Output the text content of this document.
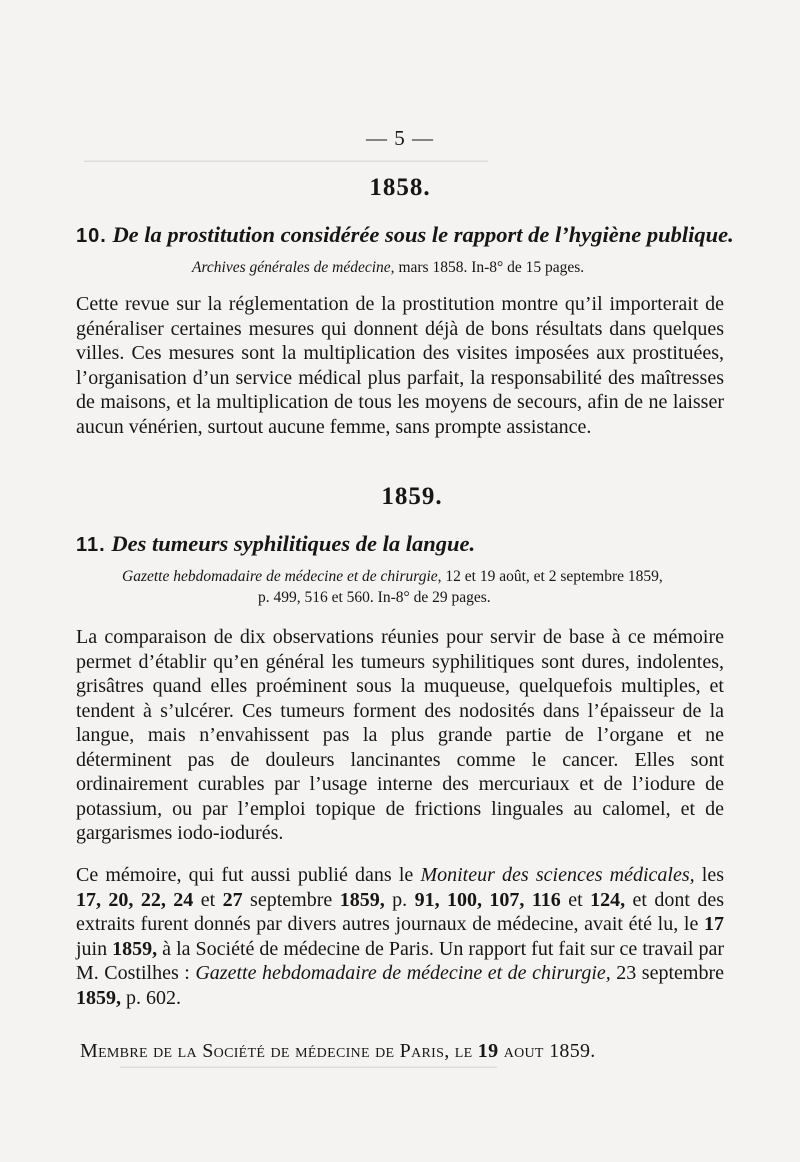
──────────────────────────────
────────────────────────────
— 5 —
1858.
10. De la prostitution considérée sous le rapport de l’hygiène publique.
Archives générales de médecine, mars 1858. In-8° de 15 pages.

Cette revue sur la réglementation de la prostitution montre qu’il importerait de généraliser certaines mesures qui donnent déjà de bons résultats dans quelques villes. Ces mesures sont la multiplication des visites imposées aux prostituées, l’organisation d’un service médical plus parfait, la responsabilité des maîtresses de maisons, et la multiplication de tous les moyens de secours, afin de ne laisser aucun vénérien, surtout aucune femme, sans prompte assistance.

1859.
11. Des tumeurs syphilitiques de la langue.
Gazette hebdomadaire de médecine et de chirurgie, 12 et 19 août, et 2 septembre 1859,
p. 499, 516 et 560. In-8° de 29 pages.

La comparaison de dix observations réunies pour servir de base à ce mémoire permet d’établir qu’en général les tumeurs syphilitiques sont dures, indolentes, grisâtres quand elles proéminent sous la muqueuse, quelquefois multiples, et tendent à s’ulcérer. Ces tumeurs forment des nodosités dans l’épaisseur de la langue, mais n’envahissent pas la plus grande partie de l’organe et ne déterminent pas de douleurs lancinantes comme le cancer. Elles sont ordinairement curables par l’usage interne des mercuriaux et de l’iodure de potassium, ou par l’emploi topique de frictions linguales au calomel, et de gargarismes iodo-iodurés.

Ce mémoire, qui fut aussi publié dans le Moniteur des sciences médicales, les 17, 20, 22, 24 et 27 septembre 1859, p. 91, 100, 107, 116 et 124, et dont des extraits furent donnés par divers autres journaux de médecine, avait été lu, le 17 juin 1859, à la Société de médecine de Paris. Un rapport fut fait sur ce travail par M. Costilhes : Gazette hebdomadaire de médecine et de chirurgie, 23 septembre 1859, p. 602.

Membre de la Société de médecine de Paris, le 19 aout 1859.
